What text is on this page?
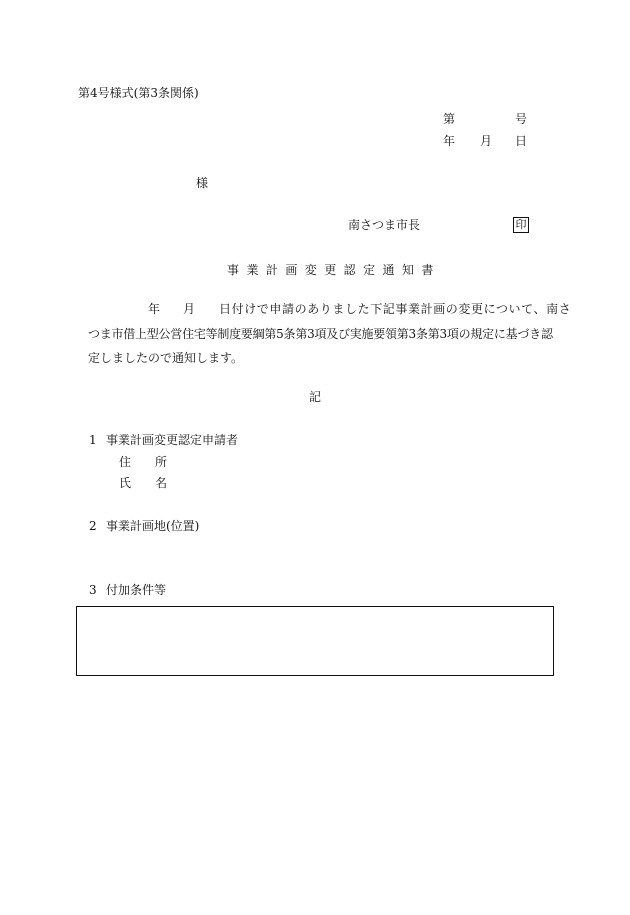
第4号様式(第3条関係)
第	号
年 月 日
様
南さつま市長	印
事業計画変更認定通知書
年 月 日付けで申請のありました下記事業計画の変更について、南さ
つま市借上型公営住宅等制度要綱第5条第3項及び実施要領第3条第3項の規定に基づき認
定しましたので通知します。
記
1 事業計画変更認定申請者
住 所
氏 名
2 事業計画地(位置)
3 付加条件等
